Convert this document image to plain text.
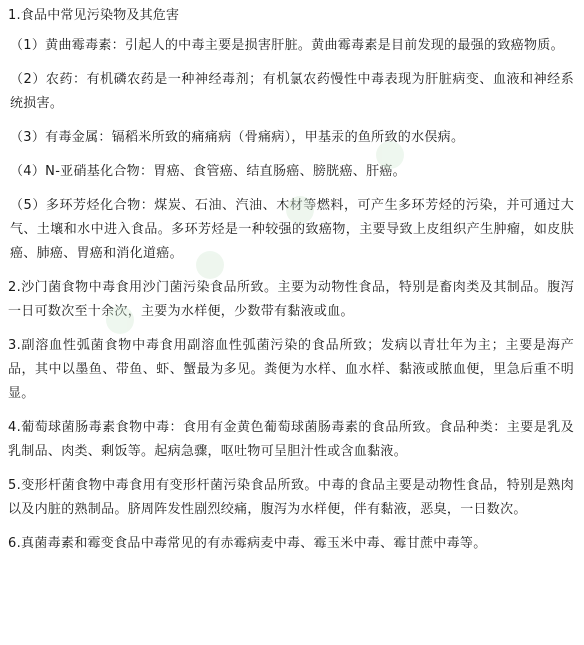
1.食品中常见污染物及其危害

（1）黄曲霉毒素：引起人的中毒主要是损害肝脏。黄曲霉毒素是目前发现的最强的致癌物质。

（2）农药：有机磷农药是一种神经毒剂；有机氯农药慢性中毒表现为肝脏病变、血液和神经系统损害。

（3）有毒金属：镉稻米所致的痛痛病（骨痛病），甲基汞的鱼所致的水俣病。

（4）N-亚硝基化合物：胃癌、食管癌、结直肠癌、膀胱癌、肝癌。

（5）多环芳烃化合物：煤炭、石油、汽油、木材等燃料，可产生多环芳烃的污染，并可通过大气、土壤和水中进入食品。多环芳烃是一种较强的致癌物，主要导致上皮组织产生肿瘤，如皮肤癌、肺癌、胃癌和消化道癌。

2.沙门菌食物中毒食用沙门菌污染食品所致。主要为动物性食品，特别是畜肉类及其制品。腹泻一日可数次至十余次，主要为水样便，少数带有黏液或血。

3.副溶血性弧菌食物中毒食用副溶血性弧菌污染的食品所致；发病以青壮年为主；主要是海产品，其中以墨鱼、带鱼、虾、蟹最为多见。粪便为水样、血水样、黏液或脓血便，里急后重不明显。

4.葡萄球菌肠毒素食物中毒：食用有金黄色葡萄球菌肠毒素的食品所致。食品种类：主要是乳及乳制品、肉类、剩饭等。起病急骤，呕吐物可呈胆汁性或含血黏液。

5.变形杆菌食物中毒食用有变形杆菌污染食品所致。中毒的食品主要是动物性食品，特别是熟肉以及内脏的熟制品。脐周阵发性剧烈绞痛，腹泻为水样便，伴有黏液，恶臭，一日数次。

6.真菌毒素和霉变食品中毒常见的有赤霉病麦中毒、霉玉米中毒、霉甘蔗中毒等。
